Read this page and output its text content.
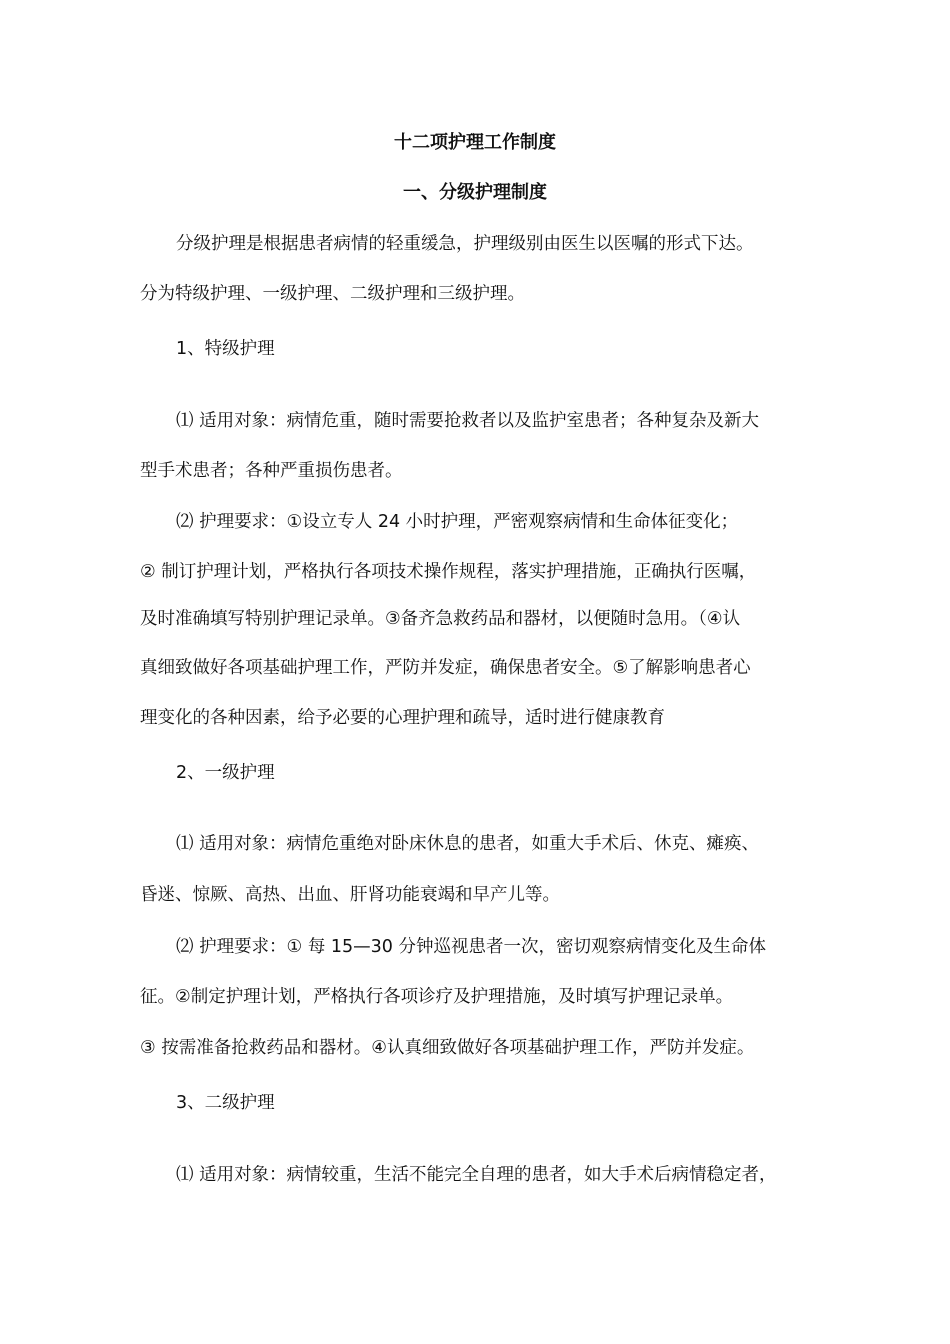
十二项护理工作制度

一、分级护理制度

分级护理是根据患者病情的轻重缓急，护理级别由医生以医嘱的形式下达。

分为特级护理、一级护理、二级护理和三级护理。

1、特级护理

⑴ 适用对象：病情危重，随时需要抢救者以及监护室患者；各种复杂及新大

型手术患者；各种严重损伤患者。

⑵ 护理要求：①设立专人 24 小时护理，严密观察病情和生命体征变化；

② 制订护理计划，严格执行各项技术操作规程，落实护理措施，正确执行医嘱，

及时准确填写特别护理记录单。③备齐急救药品和器材，以便随时急用。（④认

真细致做好各项基础护理工作，严防并发症，确保患者安全。⑤了解影响患者心

理变化的各种因素，给予必要的心理护理和疏导，适时进行健康教育

2、一级护理

⑴ 适用对象：病情危重绝对卧床休息的患者，如重大手术后、休克、瘫痪、

昏迷、惊厥、高热、出血、肝肾功能衰竭和早产儿等。

⑵ 护理要求：① 每 15—30 分钟巡视患者一次，密切观察病情变化及生命体

征。②制定护理计划，严格执行各项诊疗及护理措施，及时填写护理记录单。

③ 按需准备抢救药品和器材。④认真细致做好各项基础护理工作，严防并发症。

3、二级护理

⑴ 适用对象：病情较重，生活不能完全自理的患者，如大手术后病情稳定者，
